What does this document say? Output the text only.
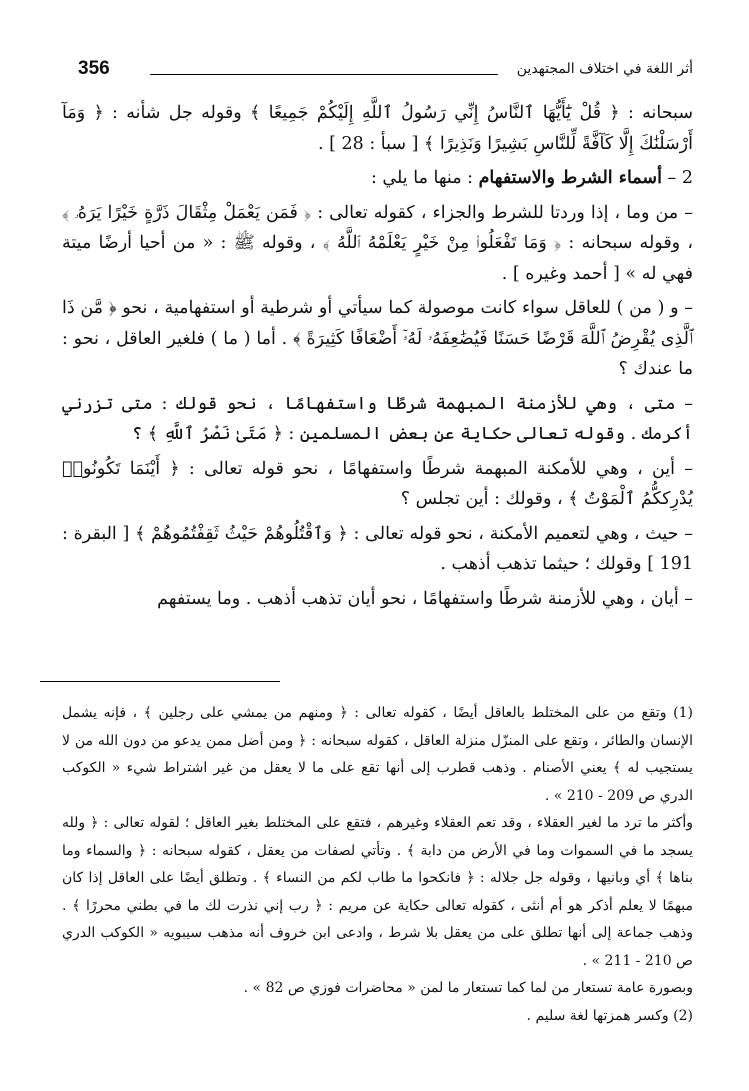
356	أثر اللغة في اختلاف المجتهدين

سبحانه : ﴿ قُلْ يَٰٓأَيُّهَا ٱلنَّاسُ إِنِّي رَسُولُ ٱللَّهِ إِلَيْكُمْ جَمِيعًا ﴾ وقوله جل شأنه : ﴿ وَمَآ أَرْسَلْنَٰكَ إِلَّا كَآفَّةً لِّلنَّاسِ بَشِيرًا وَنَذِيرًا ﴾ [ سبأ : 28 ] .

2 – أسماء الشرط والاستفهام : منها ما يلي :

– من وما ، إذا وردتا للشرط والجزاء ، كقوله تعالى : ﴿ فَمَن يَعْمَلْ مِثْقَالَ ذَرَّةٍ خَيْرًا يَرَهُۥ ﴾ ، وقوله سبحانه : ﴿ وَمَا تَفْعَلُوا۟ مِنْ خَيْرٍ يَعْلَمْهُ ٱللَّهُ ﴾ ، وقوله ﷺ : « من أحيا أرضًا ميتة فهي له » [ أحمد وغيره ] .

– و ( من ) للعاقل سواء كانت موصولة كما سيأتي أو شرطية أو استفهامية ، نحو ﴿ مَّن ذَا ٱلَّذِى يُقْرِضُ ٱللَّهَ قَرْضًا حَسَنًا فَيُضَٰعِفَهُۥ لَهُۥٓ أَضْعَافًا كَثِيرَةً ﴾ . أما ( ما ) فلغير العاقل ، نحو : ما عندك ؟

– متى ، وهي للأزمنة المبهمة شرطًا واستفهامًا ، نحو قولك : متى تزرني أكرمك . وقوله تعالى حكاية عن بعض المسلمين : ﴿ مَتَىٰ نَصْرُ ٱللَّهِ ﴾ ؟

– أين ، وهي للأمكنة المبهمة شرطًا واستفهامًا ، نحو قوله تعالى : ﴿ أَيْنَمَا تَكُونُوا۟ يُدْرِككُّمُ ٱلْمَوْتُ ﴾ ، وقولك : أين تجلس ؟

– حيث ، وهي لتعميم الأمكنة ، نحو قوله تعالى : ﴿ وَٱقْتُلُوهُمْ حَيْثُ ثَقِفْتُمُوهُمْ ﴾ [ البقرة : 191 ] وقولك ؛ حيثما تذهب أذهب .

– أيان ، وهي للأزمنة شرطًا واستفهامًا ، نحو أيان تذهب أذهب . وما يستفهم

(1) وتقع من على المختلط بالعاقل أيضًا ، كقوله تعالى : ﴿ ومنهم من يمشي على رجلين ﴾ ، فإنه يشمل الإنسان والطائر ، وتقع على المنزّل منزلة العاقل ، كقوله سبحانه : ﴿ ومن أضل ممن يدعو من دون الله من لا يستجيب له ﴾ يعني الأصنام . وذهب قطرب إلى أنها تقع على ما لا يعقل من غير اشتراط شيء « الكوكب الدري ص 209 - 210 » .

وأكثر ما ترد ما لغير العقلاء ، وقد تعم العقلاء وغيرهم ، فتقع على المختلط بغير العاقل ؛ لقوله تعالى : ﴿ ولله يسجد ما في السموات وما في الأرض من دابة ﴾ . وتأتي لصفات من يعقل ، كقوله سبحانه : ﴿ والسماء وما بناها ﴾ أي وبانيها ، وقوله جل جلاله : ﴿ فانكحوا ما طاب لكم من النساء ﴾ . وتطلق أيضًا على العاقل إذا كان مبهمًا لا يعلم أذكر هو أم أنثى ، كقوله تعالى حكاية عن مريم : ﴿ رب إني نذرت لك ما في بطني محررًا ﴾ . وذهب جماعة إلى أنها تطلق على من يعقل بلا شرط ، وادعى ابن خروف أنه مذهب سيبويه « الكوكب الدري ص 210 - 211 » .

وبصورة عامة تستعار من لما كما تستعار ما لمن « محاضرات فوزي ص 82 » .

(2) وكسر همزتها لغة سليم .
